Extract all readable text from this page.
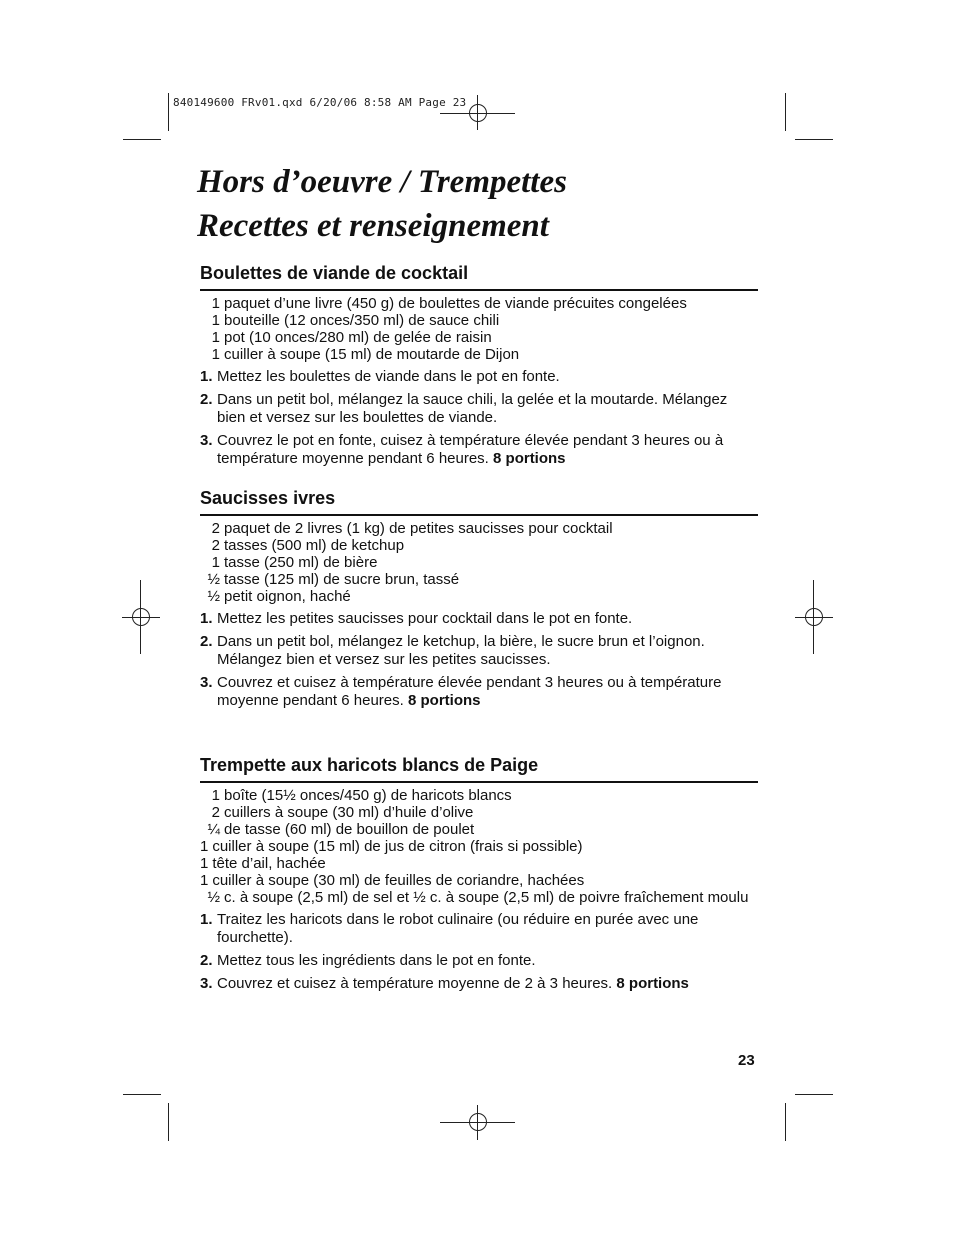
840149600 FRv01.qxd 6/20/06 8:58 AM Page 23
Hors d’oeuvre / Trempettes
Recettes et renseignement
Boulettes de viande de cocktail
1 paquet d’une livre (450 g) de boulettes de viande précuites congelées
1 bouteille (12 onces/350 ml) de sauce chili
1 pot (10 onces/280 ml) de gelée de raisin
1 cuiller à soupe (15 ml) de moutarde de Dijon
1. Mettez les boulettes de viande dans le pot en fonte.
2. Dans un petit bol, mélangez la sauce chili, la gelée et la moutarde. Mélangez bien et versez sur les boulettes de viande.
3. Couvrez le pot en fonte, cuisez à température élevée pendant 3 heures ou à température moyenne pendant 6 heures. 8 portions
Saucisses ivres
2 paquet de 2 livres (1 kg) de petites saucisses pour cocktail
2 tasses (500 ml) de ketchup
1 tasse (250 ml) de bière
½ tasse (125 ml) de sucre brun, tassé
½ petit oignon, haché
1. Mettez les petites saucisses pour cocktail dans le pot en fonte.
2. Dans un petit bol, mélangez le ketchup, la bière, le sucre brun et l’oignon. Mélangez bien et versez sur les petites saucisses.
3. Couvrez et cuisez à température élevée pendant 3 heures ou à température moyenne pendant 6 heures. 8 portions
Trempette aux haricots blancs de Paige
1 boîte (15½ onces/450 g) de haricots blancs
2 cuillers à soupe (30 ml) d’huile d’olive
¼ de tasse (60 ml) de bouillon de poulet
1 cuiller à soupe (15 ml) de jus de citron (frais si possible)
1 tête d’ail, hachée
1 cuiller à soupe (30 ml) de feuilles de coriandre, hachées
½ c. à soupe (2,5 ml) de sel et ½ c. à soupe (2,5 ml) de poivre fraîchement moulu
1. Traitez les haricots dans le robot culinaire (ou réduire en purée avec une fourchette).
2. Mettez tous les ingrédients dans le pot en fonte.
3. Couvrez et cuisez à température moyenne de 2 à 3 heures. 8 portions
23
